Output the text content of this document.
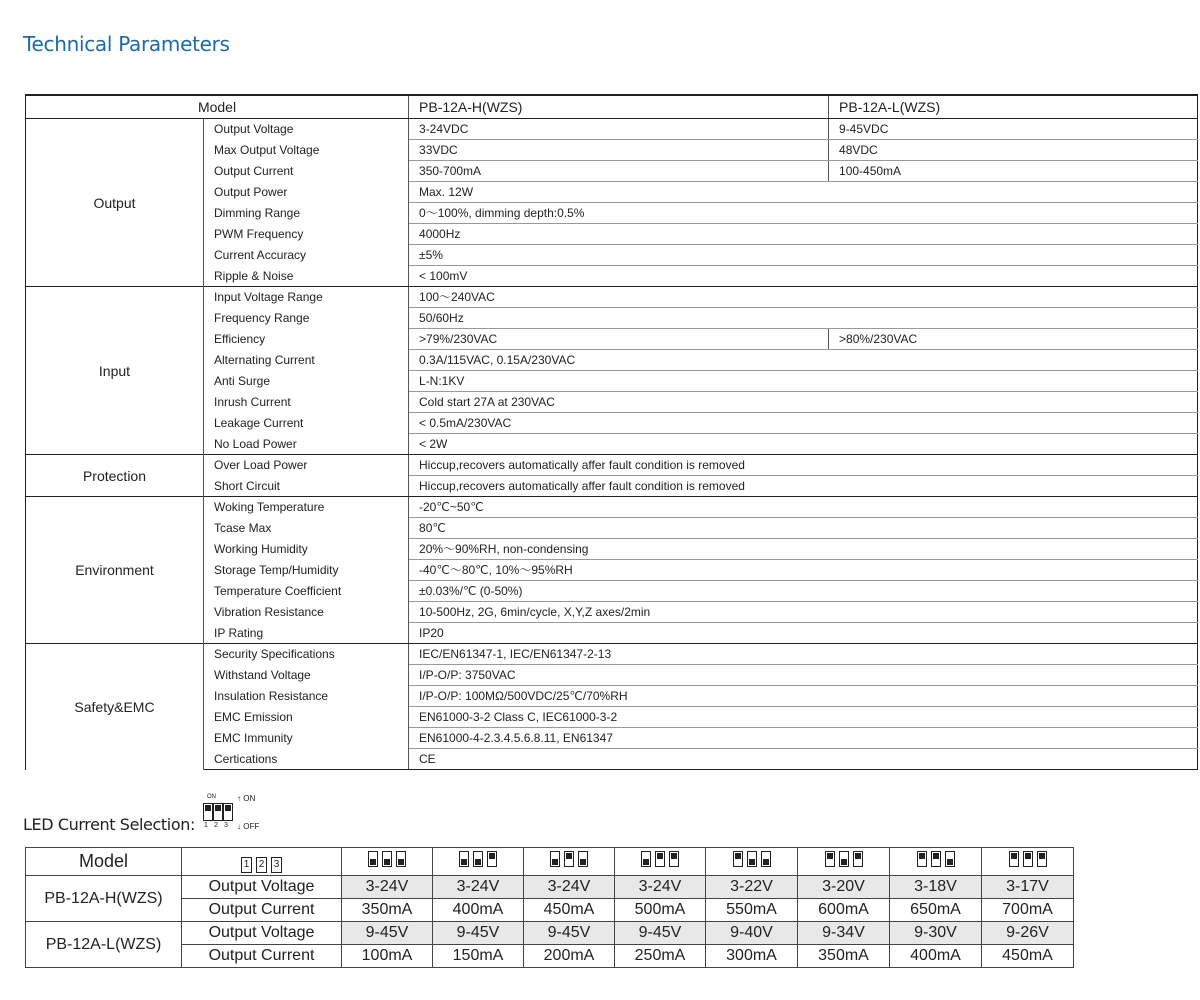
Technical Parameters
Model		PB-12A-H(WZS)	PB-12A-L(WZS)
Output	Output Voltage	3-24VDC	9-45VDC
	Max Output Voltage	33VDC	48VDC
	Output Current	350-700mA	100-450mA
	Output Power	Max. 12W	
	Dimming Range	0～100%, dimming depth:0.5%	
	PWM Frequency	4000Hz	
	Current Accuracy	±5%	
	Ripple & Noise	< 100mV	
Input	Input Voltage Range	100～240VAC	
	Frequency Range	50/60Hz	
	Efficiency	>79%/230VAC	>80%/230VAC
	Alternating Current	0.3A/115VAC, 0.15A/230VAC	
	Anti Surge	L-N:1KV	
	Inrush Current	Cold start 27A at 230VAC	
	Leakage Current	< 0.5mA/230VAC	
	No Load Power	< 2W	
Protection	Over Load Power	Hiccup,recovers automatically affer fault condition is removed	
	Short Circuit	Hiccup,recovers automatically affer fault condition is removed	
Environment	Woking Temperature	-20℃~50℃	
	Tcase Max	80℃	
	Working Humidity	20%～90%RH, non-condensing	
	Storage Temp/Humidity	-40℃～80℃, 10%～95%RH	
	Temperature Coefficient	±0.03%/℃ (0-50%)	
	Vibration Resistance	10-500Hz, 2G, 6min/cycle, X,Y,Z axes/2min	
	IP Rating	IP20	
Safety&EMC	Security Specifications	IEC/EN61347-1, IEC/EN61347-2-13	
	Withstand Voltage	I/P-O/P: 3750VAC	
	Insulation Resistance	I/P-O/P: 100MΩ/500VDC/25℃/70%RH	
	EMC Emission	EN61000-3-2 Class C, IEC61000-3-2	
	EMC Immunity	EN61000-4-2.3.4.5.6.8.11, EN61347	
	Certications	CE	
LED Current Selection:
ON
1 2 3
↑ ON
↓ OFF
Model	1 2 3								
PB-12A-H(WZS)	Output Voltage	3-24V	3-24V	3-24V	3-24V	3-22V	3-20V	3-18V	3-17V
	Output Current	350mA	400mA	450mA	500mA	550mA	600mA	650mA	700mA
PB-12A-L(WZS)	Output Voltage	9-45V	9-45V	9-45V	9-45V	9-40V	9-34V	9-30V	9-26V
	Output Current	100mA	150mA	200mA	250mA	300mA	350mA	400mA	450mA
